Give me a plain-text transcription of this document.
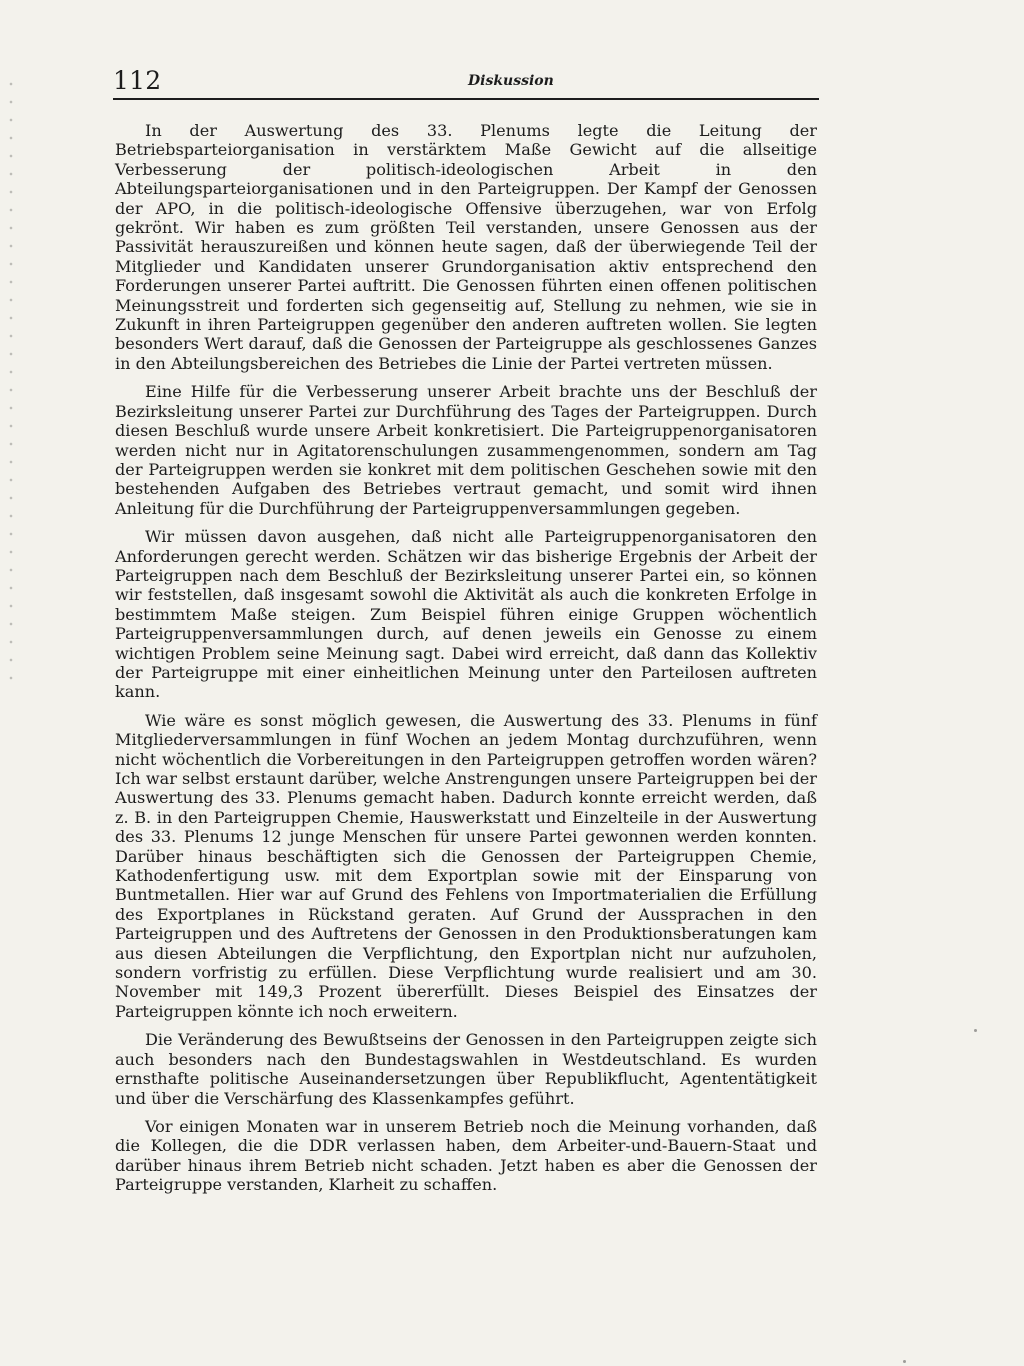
112	Diskussion

In der Auswertung des 33. Plenums legte die Leitung der Betriebsparteiorganisation in verstärktem Maße Gewicht auf die allseitige Verbesserung der politisch-ideologischen Arbeit in den Abteilungsparteiorganisationen und in den Parteigruppen. Der Kampf der Genossen der APO, in die politisch-ideologische Offensive überzugehen, war von Erfolg gekrönt. Wir haben es zum größten Teil verstanden, unsere Genossen aus der Passivität herauszureißen und können heute sagen, daß der überwiegende Teil der Mitglieder und Kandidaten unserer Grundorganisation aktiv entsprechend den Forderungen unserer Partei auftritt. Die Genossen führten einen offenen politischen Meinungsstreit und forderten sich gegenseitig auf, Stellung zu nehmen, wie sie in Zukunft in ihren Parteigruppen gegenüber den anderen auftreten wollen. Sie legten besonders Wert darauf, daß die Genossen der Parteigruppe als geschlossenes Ganzes in den Abteilungsbereichen des Betriebes die Linie der Partei vertreten müssen.

Eine Hilfe für die Verbesserung unserer Arbeit brachte uns der Beschluß der Bezirksleitung unserer Partei zur Durchführung des Tages der Parteigruppen. Durch diesen Beschluß wurde unsere Arbeit konkretisiert. Die Parteigruppenorganisatoren werden nicht nur in Agitatorenschulungen zusammengenommen, sondern am Tag der Parteigruppen werden sie konkret mit dem politischen Geschehen sowie mit den bestehenden Aufgaben des Betriebes vertraut gemacht, und somit wird ihnen Anleitung für die Durchführung der Parteigruppenversammlungen gegeben.

Wir müssen davon ausgehen, daß nicht alle Parteigruppenorganisatoren den Anforderungen gerecht werden. Schätzen wir das bisherige Ergebnis der Arbeit der Parteigruppen nach dem Beschluß der Bezirksleitung unserer Partei ein, so können wir feststellen, daß insgesamt sowohl die Aktivität als auch die konkreten Erfolge in bestimmtem Maße steigen. Zum Beispiel führen einige Gruppen wöchentlich Parteigruppenversammlungen durch, auf denen jeweils ein Genosse zu einem wichtigen Problem seine Meinung sagt. Dabei wird erreicht, daß dann das Kollektiv der Parteigruppe mit einer einheitlichen Meinung unter den Parteilosen auftreten kann.

Wie wäre es sonst möglich gewesen, die Auswertung des 33. Plenums in fünf Mitgliederversammlungen in fünf Wochen an jedem Montag durchzuführen, wenn nicht wöchentlich die Vorbereitungen in den Parteigruppen getroffen worden wären? Ich war selbst erstaunt darüber, welche Anstrengungen unsere Parteigruppen bei der Auswertung des 33. Plenums gemacht haben. Dadurch konnte erreicht werden, daß z. B. in den Parteigruppen Chemie, Hauswerkstatt und Einzelteile in der Auswertung des 33. Plenums 12 junge Menschen für unsere Partei gewonnen werden konnten. Darüber hinaus beschäftigten sich die Genossen der Parteigruppen Chemie, Kathodenfertigung usw. mit dem Exportplan sowie mit der Einsparung von Buntmetallen. Hier war auf Grund des Fehlens von Importmaterialien die Erfüllung des Exportplanes in Rückstand geraten. Auf Grund der Aussprachen in den Parteigruppen und des Auftretens der Genossen in den Produktionsberatungen kam aus diesen Abteilungen die Verpflichtung, den Exportplan nicht nur aufzuholen, sondern vorfristig zu erfüllen. Diese Verpflichtung wurde realisiert und am 30. November mit 149,3 Prozent übererfüllt. Dieses Beispiel des Einsatzes der Parteigruppen könnte ich noch erweitern.

Die Veränderung des Bewußtseins der Genossen in den Parteigruppen zeigte sich auch besonders nach den Bundestagswahlen in Westdeutschland. Es wurden ernsthafte politische Auseinandersetzungen über Republikflucht, Agententätigkeit und über die Verschärfung des Klassenkampfes geführt.

Vor einigen Monaten war in unserem Betrieb noch die Meinung vorhanden, daß die Kollegen, die die DDR verlassen haben, dem Arbeiter-und-Bauern-Staat und darüber hinaus ihrem Betrieb nicht schaden. Jetzt haben es aber die Genossen der Parteigruppe verstanden, Klarheit zu schaffen.
